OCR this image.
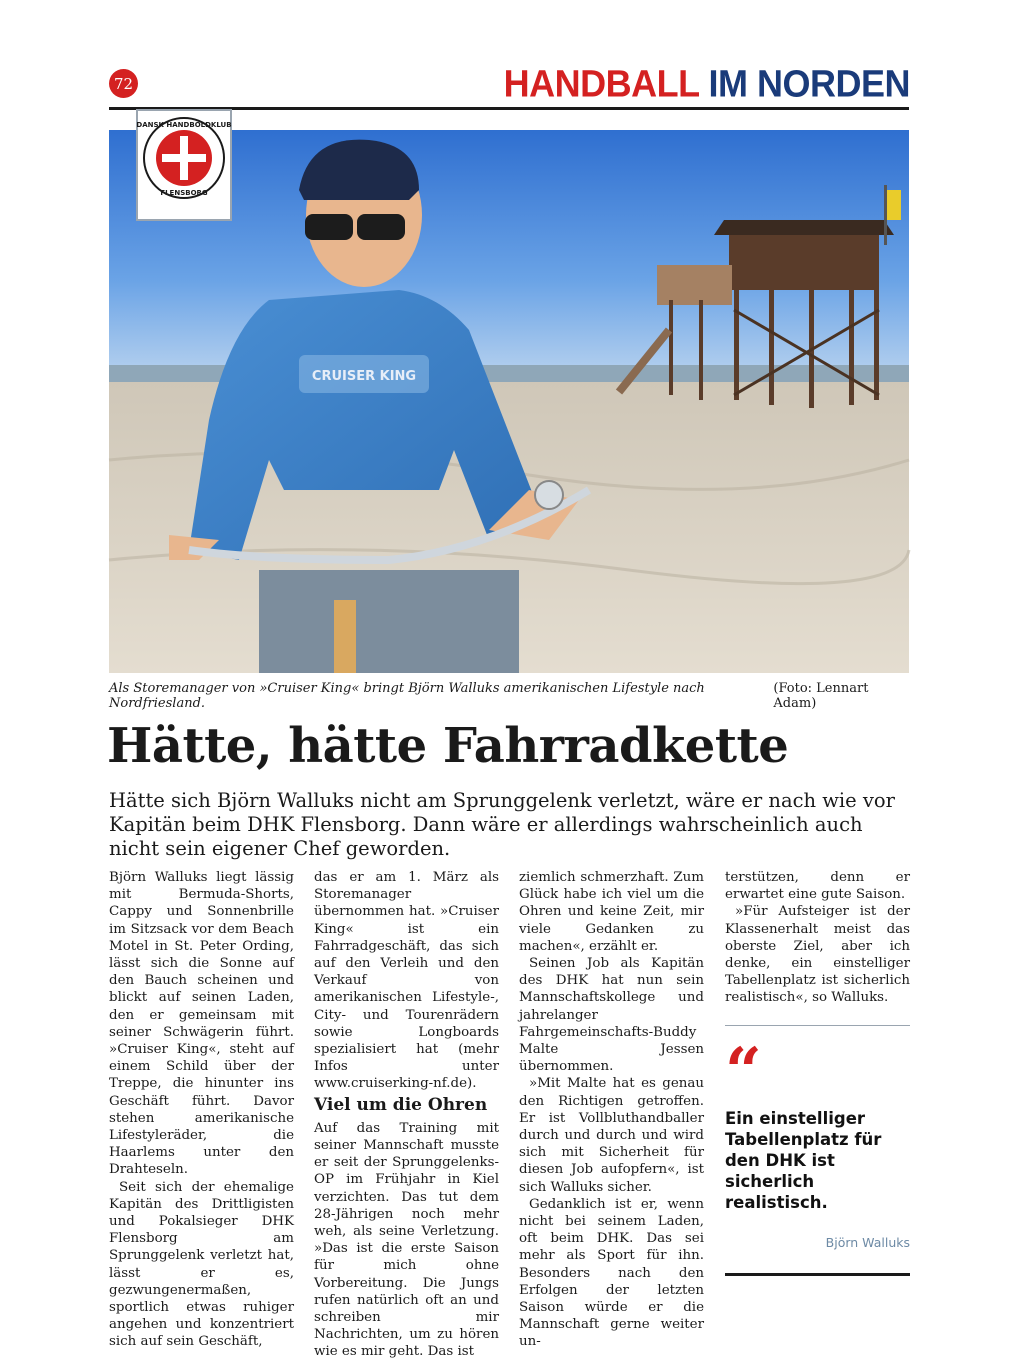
72	HANDBALL IM NORDEN
CRUISER KING
DANSK HANDBOLDKLUB
FLENSBORG
Als Storemanager von »Cruiser King« bringt Björn Walluks amerikanischen Lifestyle nach Nordfriesland.
(Foto: Lennart Adam)
Hätte, hätte Fahrradkette
Hätte sich Björn Walluks nicht am Sprunggelenk verletzt, wäre er nach wie vor Kapitän beim DHK Flensborg. Dann wäre er allerdings wahrscheinlich auch nicht sein eigener Chef geworden.

Björn Walluks liegt lässig mit Bermuda-Shorts, Cappy und Sonnenbrille im Sitzsack vor dem Beach Motel in St. Peter Ording, lässt sich die Sonne auf den Bauch scheinen und blickt auf seinen Laden, den er gemeinsam mit seiner Schwägerin führt. »Cruiser King«, steht auf einem Schild über der Treppe, die hinunter ins Geschäft führt. Davor stehen amerikanische Lifestyleräder, die Haarlems unter den Drahteseln.

Seit sich der ehemalige Kapitän des Drittligisten und Pokalsieger DHK Flensborg am Sprunggelenk verletzt hat, lässt er es, gezwungenermaßen, sportlich etwas ruhiger angehen und konzentriert sich auf sein Geschäft,

das er am 1. März als Storemanager übernommen hat. »Cruiser King« ist ein Fahrradgeschäft, das sich auf den Verleih und den Verkauf von amerikanischen Lifestyle-, City- und Tourenrädern sowie Longboards spezialisiert hat (mehr Infos unter www.cruiserking-nf.de).

Viel um die Ohren

Auf das Training mit seiner Mannschaft musste er seit der Sprunggelenks-OP im Frühjahr in Kiel verzichten. Das tut dem 28-Jährigen noch mehr weh, als seine Verletzung. »Das ist die erste Saison für mich ohne Vorbereitung. Die Jungs rufen natürlich oft an und schreiben mir Nachrichten, um zu hören wie es mir geht. Das ist

ziemlich schmerzhaft. Zum Glück habe ich viel um die Ohren und keine Zeit, mir viele Gedanken zu machen«, erzählt er.

Seinen Job als Kapitän des DHK hat nun sein Mannschaftskollege und jahrelanger Fahrgemeinschafts-Buddy Malte Jessen übernommen.

»Mit Malte hat es genau den Richtigen getroffen. Er ist Vollbluthandballer durch und durch und wird sich mit Sicherheit für diesen Job aufopfern«, ist sich Walluks sicher.

Gedanklich ist er, wenn nicht bei seinem Laden, oft beim DHK. Das sei mehr als Sport für ihn. Besonders nach den Erfolgen der letzten Saison würde er die Mannschaft gerne weiter un-

terstützen, denn er erwartet eine gute Saison.

»Für Aufsteiger ist der Klassenerhalt meist das oberste Ziel, aber ich denke, ein einstelliger Tabellenplatz ist sicherlich realistisch«, so Walluks.

“
Ein einstelliger Tabellenplatz für den DHK ist sicherlich realistisch.
Björn Walluks
